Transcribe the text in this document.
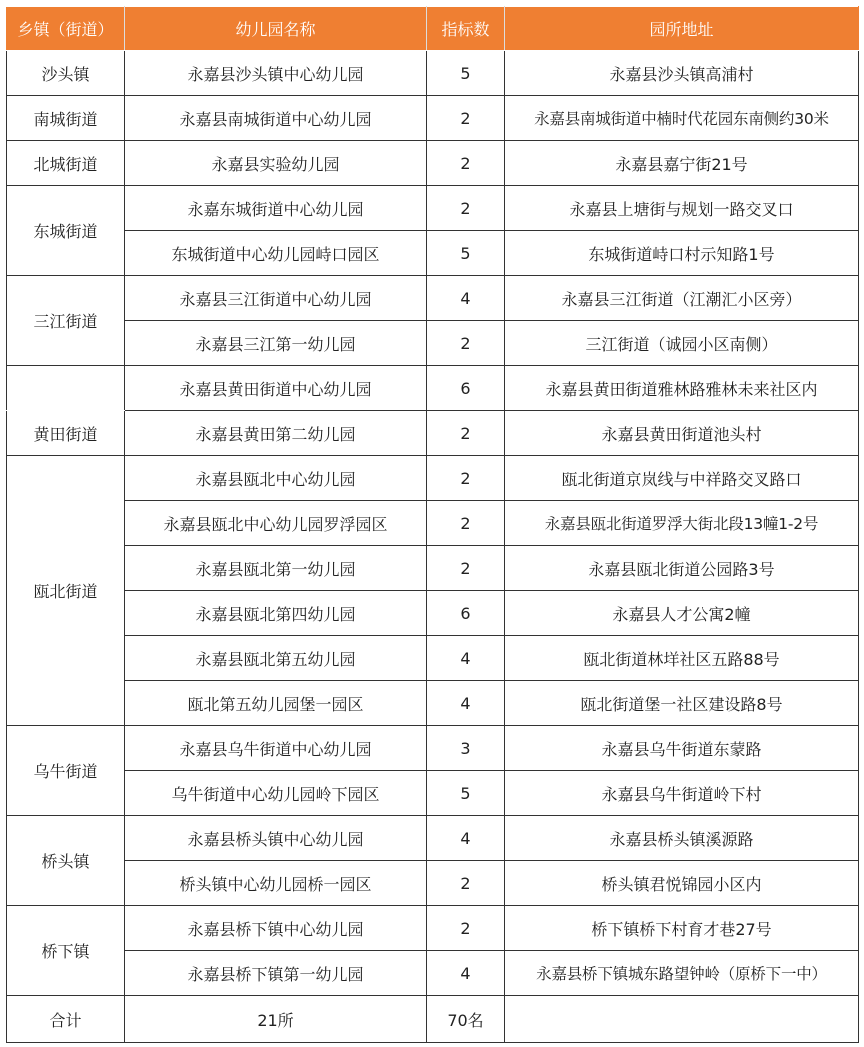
乡镇（街道）	幼儿园名称	指标数	园所地址
沙头镇	永嘉县沙头镇中心幼儿园	5	永嘉县沙头镇高浦村
南城街道	永嘉县南城街道中心幼儿园	2	永嘉县南城街道中楠时代花园东南侧约30米
北城街道	永嘉县实验幼儿园	2	永嘉县嘉宁街21号
东城街道	永嘉东城街道中心幼儿园	2	永嘉县上塘街与规划一路交叉口
	东城街道中心幼儿园峙口园区	5	东城街道峙口村示知路1号
三江街道	永嘉县三江街道中心幼儿园	4	永嘉县三江街道（江潮汇小区旁）
	永嘉县三江第一幼儿园	2	三江街道（诚园小区南侧）
	永嘉县黄田街道中心幼儿园	6	永嘉县黄田街道雅林路雅林未来社区内
黄田街道	永嘉县黄田第二幼儿园	2	永嘉县黄田街道池头村
瓯北街道	永嘉县瓯北中心幼儿园	2	瓯北街道京岚线与中祥路交叉路口
	永嘉县瓯北中心幼儿园罗浮园区	2	永嘉县瓯北街道罗浮大街北段13幢1-2号
	永嘉县瓯北第一幼儿园	2	永嘉县瓯北街道公园路3号
	永嘉县瓯北第四幼儿园	6	永嘉县人才公寓2幢
	永嘉县瓯北第五幼儿园	4	瓯北街道林垟社区五路88号
	瓯北第五幼儿园堡一园区	4	瓯北街道堡一社区建设路8号
乌牛街道	永嘉县乌牛街道中心幼儿园	3	永嘉县乌牛街道东蒙路
	乌牛街道中心幼儿园岭下园区	5	永嘉县乌牛街道岭下村
桥头镇	永嘉县桥头镇中心幼儿园	4	永嘉县桥头镇溪源路
	桥头镇中心幼儿园桥一园区	2	桥头镇君悦锦园小区内
桥下镇	永嘉县桥下镇中心幼儿园	2	桥下镇桥下村育才巷27号
	永嘉县桥下镇第一幼儿园	4	永嘉县桥下镇城东路望钟岭（原桥下一中）
合计	21所	70名	
